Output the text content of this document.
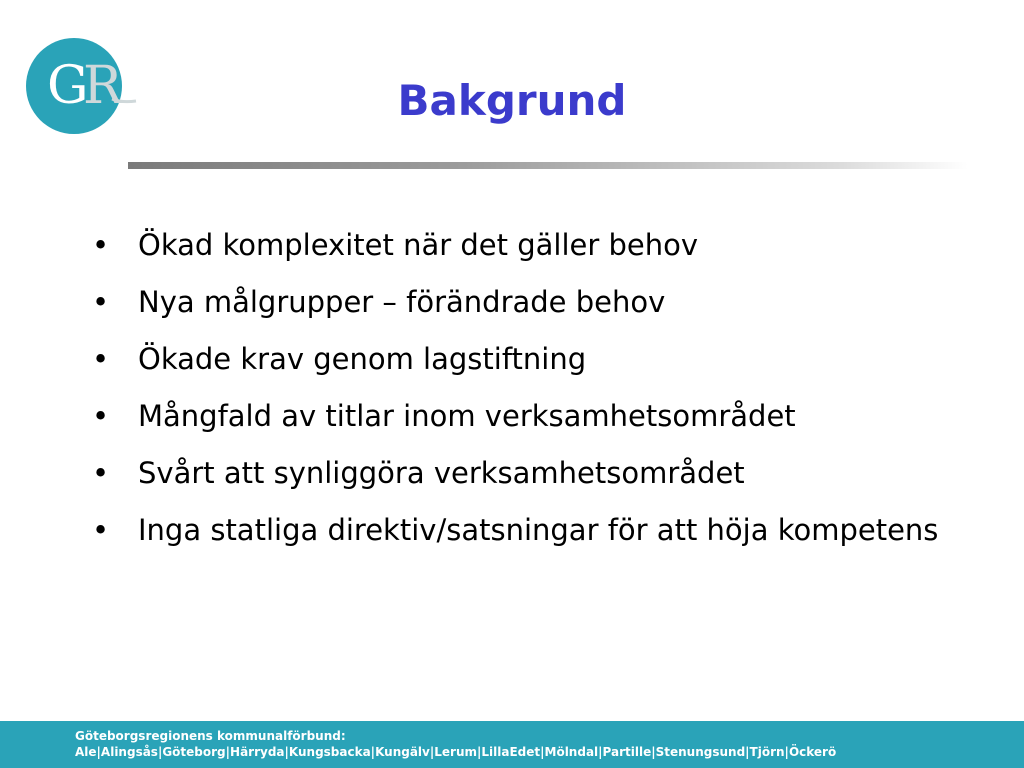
G
R	Bakgrund
• Ökad komplexitet när det gäller behov
• Nya målgrupper – förändrade behov
• Ökade krav genom lagstiftning
• Mångfald av titlar inom verksamhetsområdet
• Svårt att synliggöra verksamhetsområdet
• Inga statliga direktiv/satsningar för att höja kompetens
Göteborgsregionens kommunalförbund:
Ale|Alingsås|Göteborg|Härryda|Kungsbacka|Kungälv|Lerum|LillaEdet|Mölndal|Partille|Stenungsund|Tjörn|Öckerö
